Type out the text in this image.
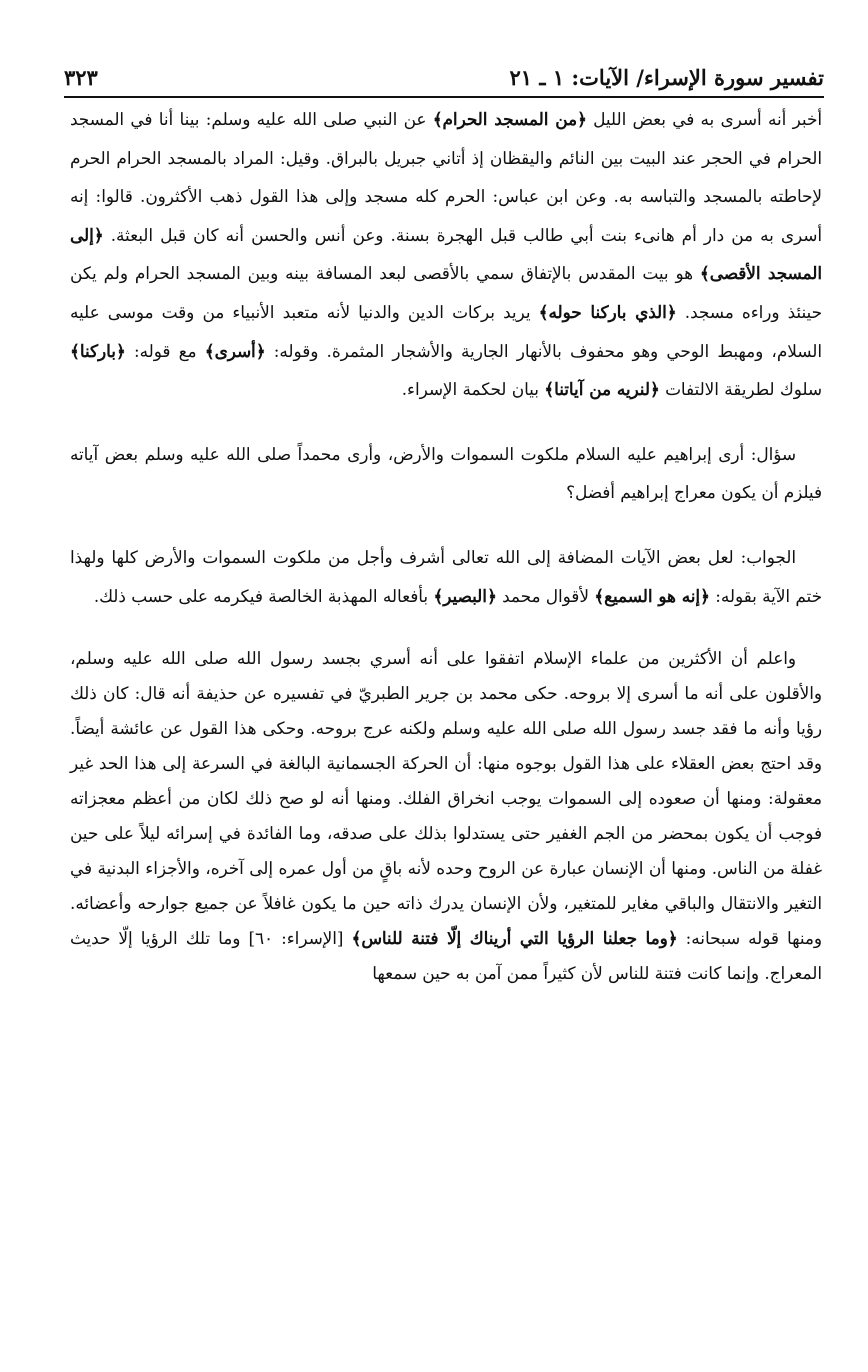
تفسير سورة الإسراء/ الآيات: ١ ـ ٢١
٣٢٣

أخبر أنه أسرى به في بعض الليل ﴿من المسجد الحرام﴾ عن النبي صلى الله عليه وسلم: بينا أنا في المسجد الحرام في الحجر عند البيت بين النائم واليقظان إذ أتاني جبريل بالبراق. وقيل: المراد بالمسجد الحرام الحرم لإحاطته بالمسجد والتباسه به. وعن ابن عباس: الحرم كله مسجد وإلى هذا القول ذهب الأكثرون. قالوا: إنه أسرى به من دار أم هانىء بنت أبي طالب قبل الهجرة بسنة. وعن أنس والحسن أنه كان قبل البعثة. ﴿إلى المسجد الأقصى﴾ هو بيت المقدس بالإتفاق سمي بالأقصى لبعد المسافة بينه وبين المسجد الحرام ولم يكن حينئذ وراءه مسجد. ﴿الذي باركنا حوله﴾ يريد بركات الدين والدنيا لأنه متعبد الأنبياء من وقت موسى عليه السلام، ومهبط الوحي وهو محفوف بالأنهار الجارية والأشجار المثمرة. وقوله: ﴿أسرى﴾ مع قوله: ﴿باركنا﴾ سلوك لطريقة الالتفات ﴿لنريه من آياتنا﴾ بيان لحكمة الإسراء.

سؤال: أرى إبراهيم عليه السلام ملكوت السموات والأرض، وأرى محمداً صلى الله عليه وسلم بعض آياته فيلزم أن يكون معراج إبراهيم أفضل؟

الجواب: لعل بعض الآيات المضافة إلى الله تعالى أشرف وأجل من ملكوت السموات والأرض كلها ولهذا ختم الآية بقوله: ﴿إنه هو السميع﴾ لأقوال محمد ﴿البصير﴾ بأفعاله المهذبة الخالصة فيكرمه على حسب ذلك.

واعلم أن الأكثرين من علماء الإسلام اتفقوا على أنه أسري بجسد رسول الله صلى الله عليه وسلم، والأقلون على أنه ما أسرى إلا بروحه. حكى محمد بن جرير الطبريّ في تفسيره عن حذيفة أنه قال: كان ذلك رؤيا وأنه ما فقد جسد رسول الله صلى الله عليه وسلم ولكنه عرج بروحه. وحكى هذا القول عن عائشة أيضاً. وقد احتج بعض العقلاء على هذا القول بوجوه منها: أن الحركة الجسمانية البالغة في السرعة إلى هذا الحد غير معقولة: ومنها أن صعوده إلى السموات يوجب انخراق الفلك. ومنها أنه لو صح ذلك لكان من أعظم معجزاته فوجب أن يكون بمحضر من الجم الغفير حتى يستدلوا بذلك على صدقه، وما الفائدة في إسرائه ليلاً على حين غفلة من الناس. ومنها أن الإنسان عبارة عن الروح وحده لأنه باقٍ من أول عمره إلى آخره، والأجزاء البدنية في التغير والانتقال والباقي مغاير للمتغير، ولأن الإنسان يدرك ذاته حين ما يكون غافلاً عن جميع جوارحه وأعضائه. ومنها قوله سبحانه: ﴿وما جعلنا الرؤيا التي أريناك إلّا فتنة للناس﴾ [الإسراء: ٦٠] وما تلك الرؤيا إلّا حديث المعراج. وإنما كانت فتنة للناس لأن كثيراً ممن آمن به حين سمعها
